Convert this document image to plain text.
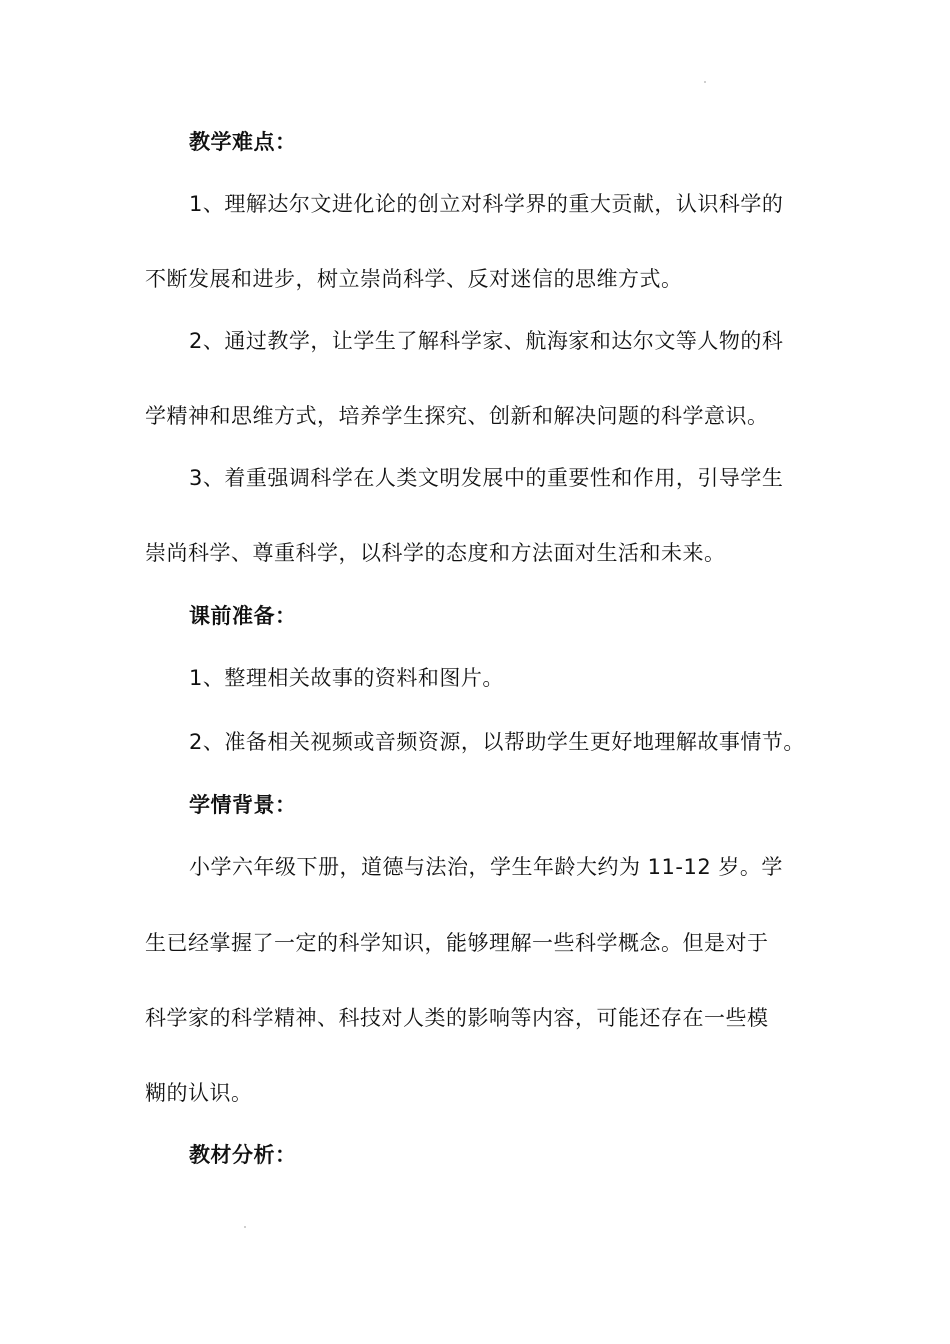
教学难点：
1、理解达尔文进化论的创立对科学界的重大贡献，认识科学的
不断发展和进步，树立崇尚科学、反对迷信的思维方式。
2、通过教学，让学生了解科学家、航海家和达尔文等人物的科
学精神和思维方式，培养学生探究、创新和解决问题的科学意识。
3、着重强调科学在人类文明发展中的重要性和作用，引导学生
崇尚科学、尊重科学，以科学的态度和方法面对生活和未来。
课前准备：
1、整理相关故事的资料和图片。
2、准备相关视频或音频资源，以帮助学生更好地理解故事情节。
学情背景：
小学六年级下册，道德与法治，学生年龄大约为 11-12 岁。学
生已经掌握了一定的科学知识，能够理解一些科学概念。但是对于
科学家的科学精神、科技对人类的影响等内容，可能还存在一些模
糊的认识。
教材分析：
